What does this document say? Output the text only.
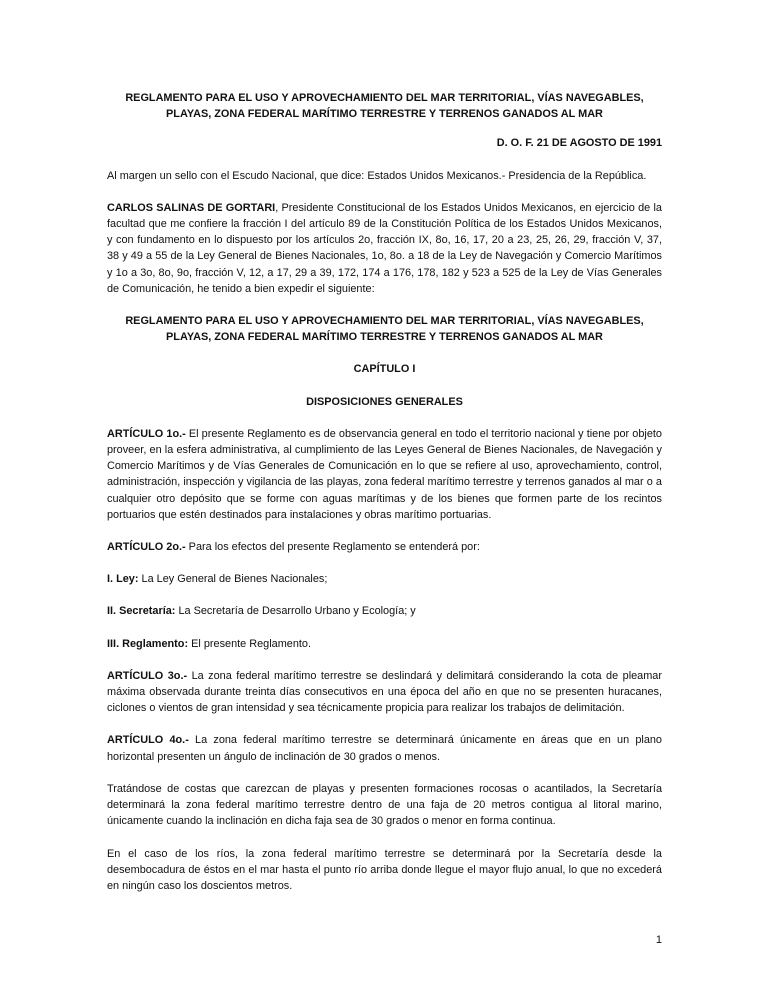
REGLAMENTO PARA EL USO Y APROVECHAMIENTO DEL MAR TERRITORIAL, VÍAS NAVEGABLES, PLAYAS, ZONA FEDERAL MARÍTIMO TERRESTRE Y TERRENOS GANADOS AL MAR

D. O. F. 21 DE AGOSTO DE 1991

Al margen un sello con el Escudo Nacional, que dice: Estados Unidos Mexicanos.- Presidencia de la República.

CARLOS SALINAS DE GORTARI, Presidente Constitucional de los Estados Unidos Mexicanos, en ejercicio de la facultad que me confiere la fracción I del artículo 89 de la Constitución Política de los Estados Unidos Mexicanos, y con fundamento en lo dispuesto por los artículos 2o, fracción IX, 8o, 16, 17, 20 a 23, 25, 26, 29, fracción V, 37, 38 y 49 a 55 de la Ley General de Bienes Nacionales, 1o, 8o. a 18 de la Ley de Navegación y Comercio Marítimos y 1o a 3o, 8o, 9o, fracción V, 12, a 17, 29 a 39, 172, 174 a 176, 178, 182 y 523 a 525 de la Ley de Vías Generales de Comunicación, he tenido a bien expedir el siguiente:

REGLAMENTO PARA EL USO Y APROVECHAMIENTO DEL MAR TERRITORIAL, VÍAS NAVEGABLES, PLAYAS, ZONA FEDERAL MARÍTIMO TERRESTRE Y TERRENOS GANADOS AL MAR

CAPÍTULO I

DISPOSICIONES GENERALES

ARTÍCULO 1o.- El presente Reglamento es de observancia general en todo el territorio nacional y tiene por objeto proveer, en la esfera administrativa, al cumplimiento de las Leyes General de Bienes Nacionales, de Navegación y Comercio Marítimos y de Vías Generales de Comunicación en lo que se refiere al uso, aprovechamiento, control, administración, inspección y vigilancia de las playas, zona federal marítimo terrestre y terrenos ganados al mar o a cualquier otro depósito que se forme con aguas marítimas y de los bienes que formen parte de los recintos portuarios que estén destinados para instalaciones y obras marítimo portuarias.

ARTÍCULO 2o.- Para los efectos del presente Reglamento se entenderá por:

I. Ley: La Ley General de Bienes Nacionales;

II. Secretaría: La Secretaría de Desarrollo Urbano y Ecología; y

III. Reglamento: El presente Reglamento.

ARTÍCULO 3o.- La zona federal marítimo terrestre se deslindará y delimitará considerando la cota de pleamar máxima observada durante treinta días consecutivos en una época del año en que no se presenten huracanes, ciclones o vientos de gran intensidad y sea técnicamente propicia para realizar los trabajos de delimitación.

ARTÍCULO 4o.- La zona federal marítimo terrestre se determinará únicamente en áreas que en un plano horizontal presenten un ángulo de inclinación de 30 grados o menos.

Tratándose de costas que carezcan de playas y presenten formaciones rocosas o acantilados, la Secretaría determinará la zona federal marítimo terrestre dentro de una faja de 20 metros contigua al litoral marino, únicamente cuando la inclinación en dicha faja sea de 30 grados o menor en forma continua.

En el caso de los ríos, la zona federal marítimo terrestre se determinará por la Secretaría desde la desembocadura de éstos en el mar hasta el punto río arriba donde llegue el mayor flujo anual, lo que no excederá en ningún caso los doscientos metros.

1
